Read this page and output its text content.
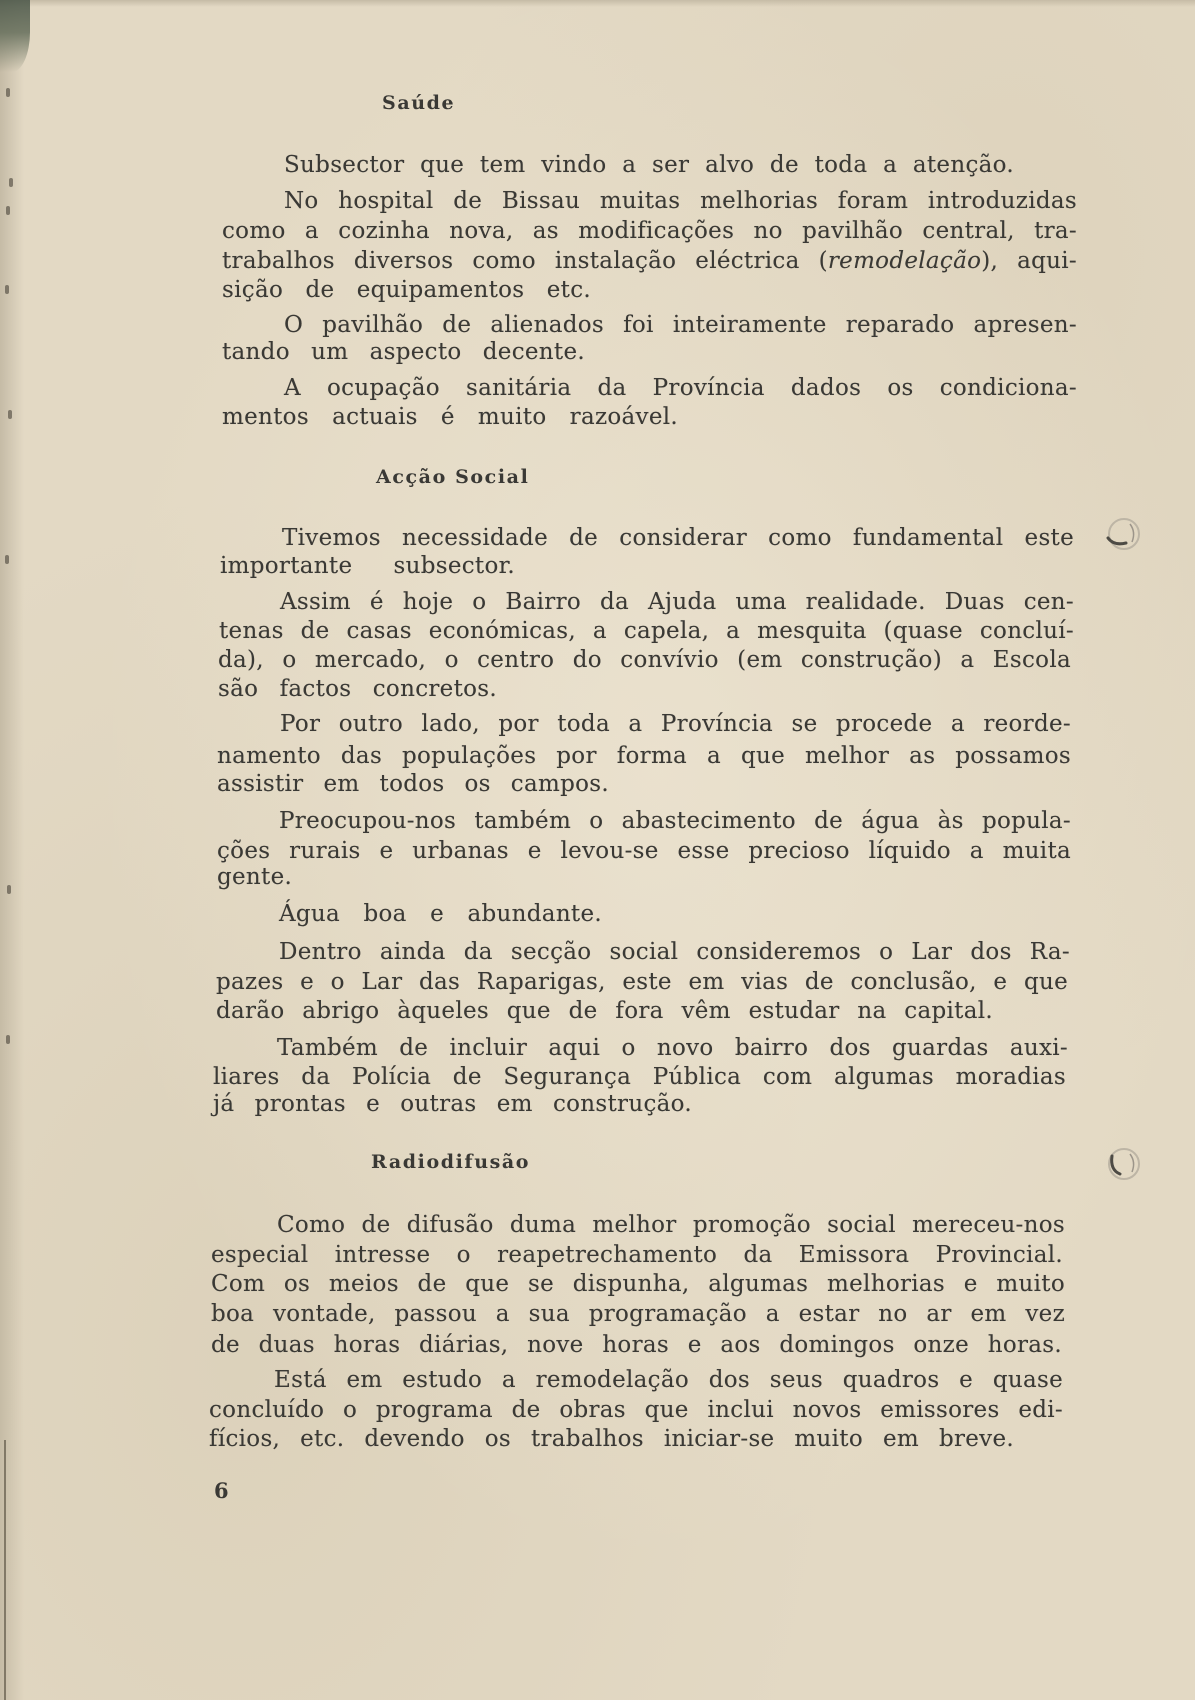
Saúde
Subsector que tem vindo a ser alvo de toda a atenção.
No hospital de Bissau muitas melhorias foram introduzidas
como a cozinha nova, as modificações no pavilhão central, tra-
trabalhos diversos como instalação eléctrica (remodelação), aqui-
sição de equipamentos etc.
O pavilhão de alienados foi inteiramente reparado apresen-
tando um aspecto decente.
A ocupação sanitária da Província dados os condiciona-
mentos actuais é muito razoável.
Acção Social
Tivemos necessidade de considerar como fundamental este
importante subsector.
Assim é hoje o Bairro da Ajuda uma realidade. Duas cen-
tenas de casas económicas, a capela, a mesquita (quase concluí-
da), o mercado, o centro do convívio (em construção) a Escola
são factos concretos.
Por outro lado, por toda a Província se procede a reorde-
namento das populações por forma a que melhor as possamos
assistir em todos os campos.
Preocupou-nos também o abastecimento de água às popula-
ções rurais e urbanas e levou-se esse precioso líquido a muita
gente.
Água boa e abundante.
Dentro ainda da secção social consideremos o Lar dos Ra-
pazes e o Lar das Raparigas, este em vias de conclusão, e que
darão abrigo àqueles que de fora vêm estudar na capital.
Também de incluir aqui o novo bairro dos guardas auxi-
liares da Polícia de Segurança Pública com algumas moradias
já prontas e outras em construção.
Radiodifusão
Como de difusão duma melhor promoção social mereceu-nos
especial intresse o reapetrechamento da Emissora Provincial.
Com os meios de que se dispunha, algumas melhorias e muito
boa vontade, passou a sua programação a estar no ar em vez
de duas horas diárias, nove horas e aos domingos onze horas.
Está em estudo a remodelação dos seus quadros e quase
concluído o programa de obras que inclui novos emissores edi-
fícios, etc. devendo os trabalhos iniciar-se muito em breve.
6
